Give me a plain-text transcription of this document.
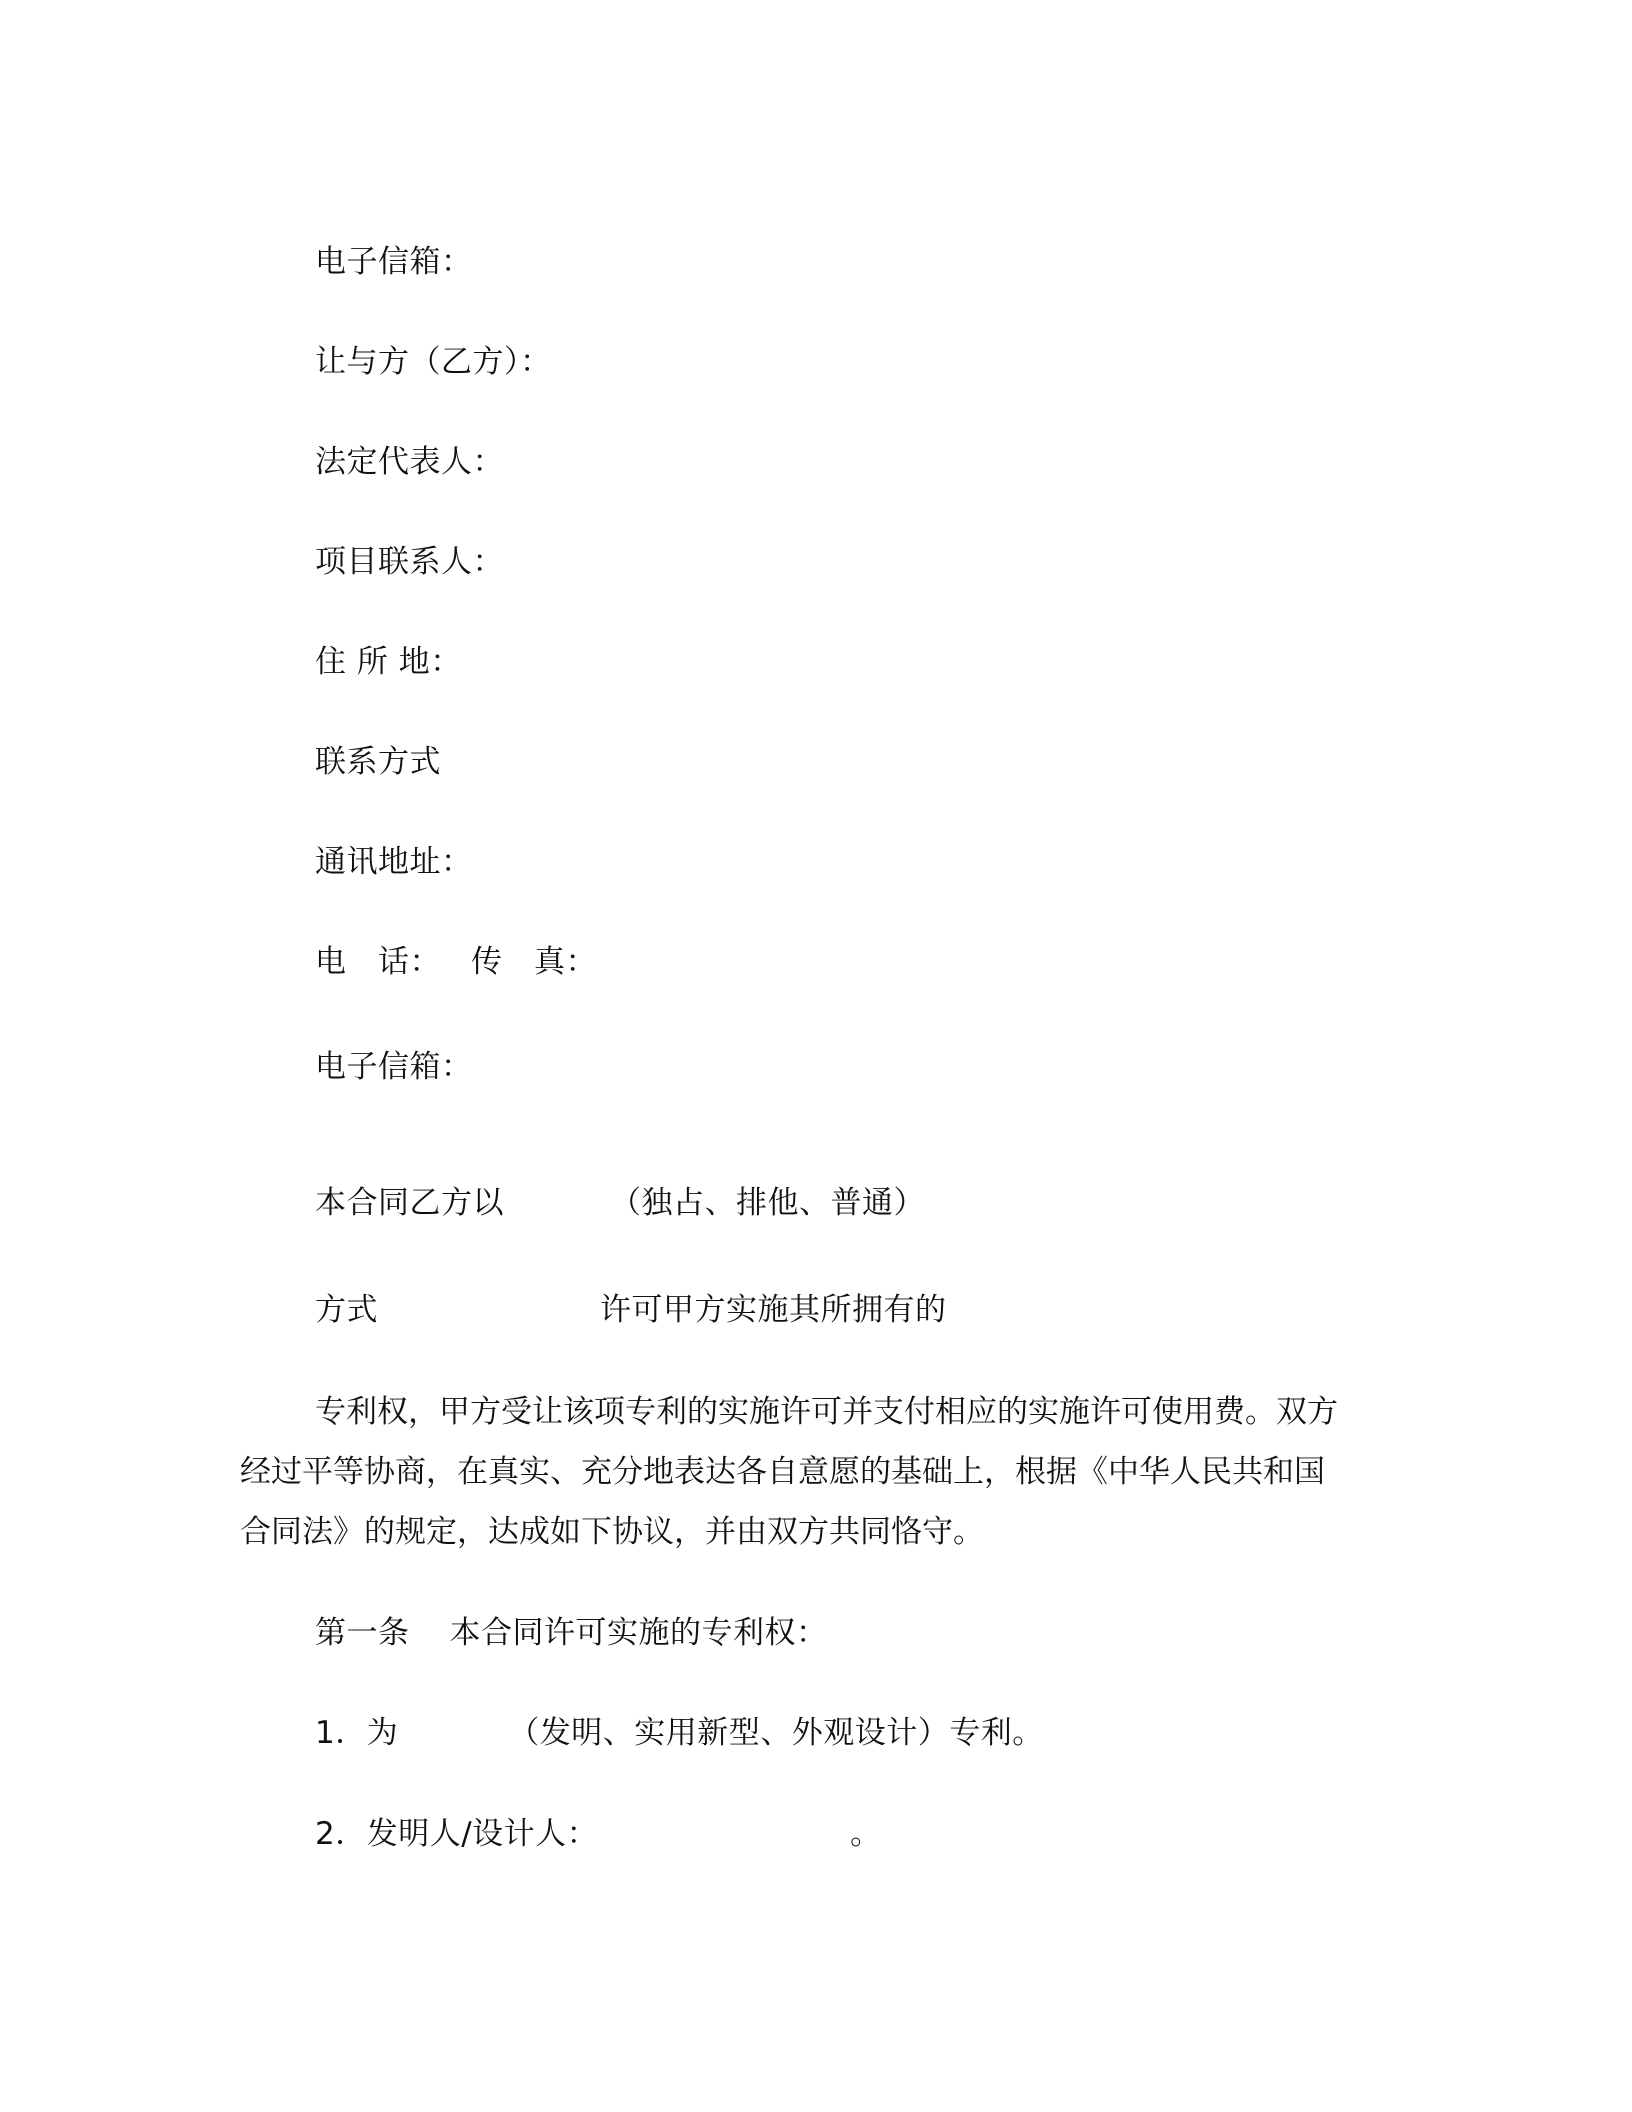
电子信箱：
让与方（乙方）：
法定代表人：
项目联系人：
住 所 地：
联系方式
通讯地址：
电　话： 传　真：
电子信箱：
本合同乙方以	（独占、排他、普通）
方式	许可甲方实施其所拥有的
专利权，甲方受让该项专利的实施许可并支付相应的实施许可使用费。双方
经过平等协商，在真实、充分地表达各自意愿的基础上，根据《中华人民共和国
合同法》的规定，达成如下协议，并由双方共同恪守。
第一条 本合同许可实施的专利权：
1．为	（发明、实用新型、外观设计）专利。
2．发明人/设计人：	。
